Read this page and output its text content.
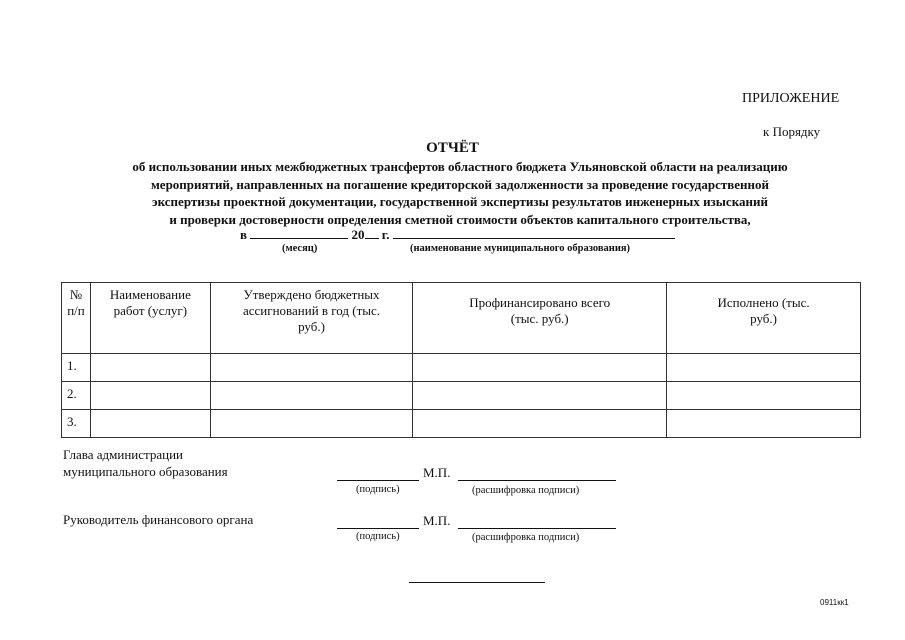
ПРИЛОЖЕНИЕ
к Порядку
ОТЧЁТ
об использовании иных межбюджетных трансфертов областного бюджета Ульяновской области на реализацию
мероприятий, направленных на погашение кредиторской задолженности за проведение государственной
экспертизы проектной документации, государственной экспертизы результатов инженерных изысканий
и проверки достоверности определения сметной стоимости объектов капитального строительства,
в	20 г.
(месяц)	(наименование муниципального образования)
№ п/п	Наименование работ (услуг)	Утверждено бюджетных ассигнований в год (тыс. руб.)	Профинансировано всего (тыс. руб.)	Исполнено (тыс. руб.)
1.				
2.				
3.				
Глава администрации
муниципального образования	М.П.
(подпись)	(расшифровка подписи)
Руководитель финансового органа	М.П.
(подпись)	(расшифровка подписи)
0911кк1
